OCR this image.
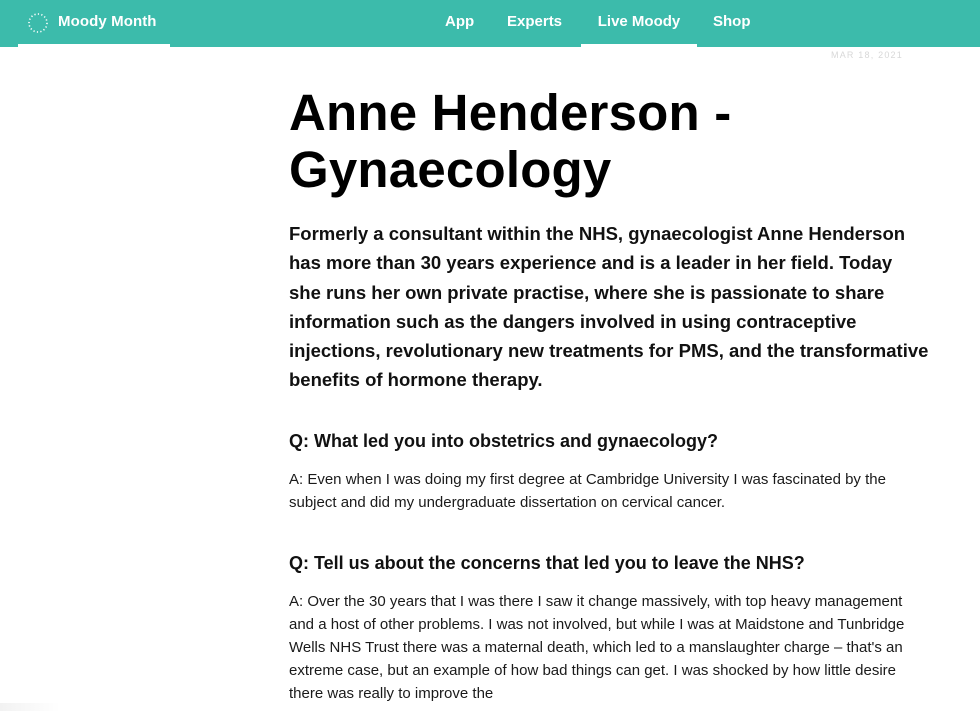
Moody Month	App Experts	Live Moody	Shop
MAR 18, 2021
Anne Henderson - Gynaecology

Formerly a consultant within the NHS, gynaecologist Anne Henderson has more than 30 years experience and is a leader in her field. Today she runs her own private practise, where she is passionate to share information such as the dangers involved in using contraceptive injections, revolutionary new treatments for PMS, and the transformative benefits of hormone therapy.

Q: What led you into obstetrics and gynaecology?

A: Even when I was doing my first degree at Cambridge University I was fascinated by the subject and did my undergraduate dissertation on cervical cancer.

Q: Tell us about the concerns that led you to leave the NHS?

A: Over the 30 years that I was there I saw it change massively, with top heavy management and a host of other problems. I was not involved, but while I was at Maidstone and Tunbridge Wells NHS Trust there was a maternal death, which led to a manslaughter charge – that's an extreme case, but an example of how bad things can get. I was shocked by how little desire there was really to improve the
